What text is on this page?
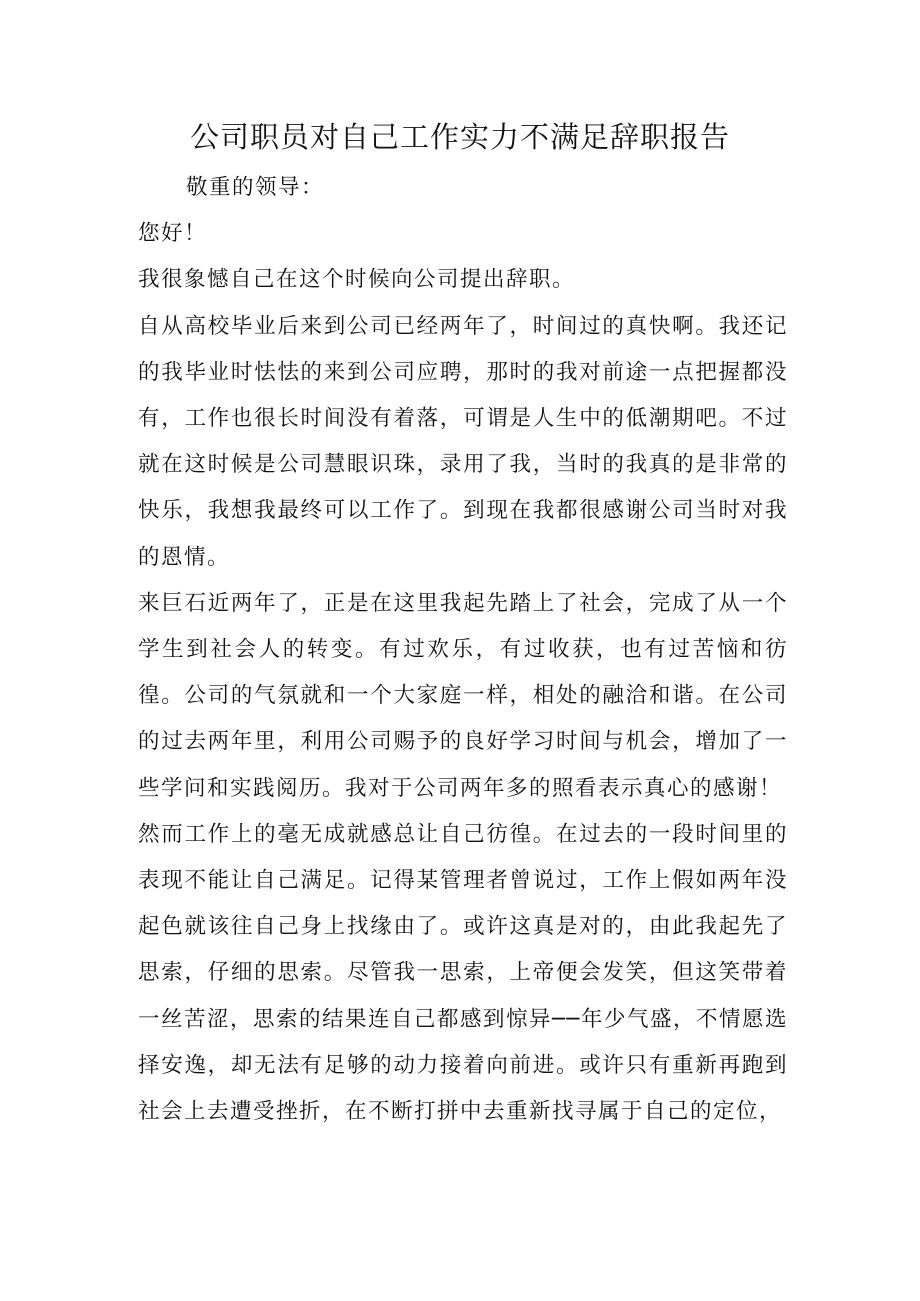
公司职员对自己工作实力不满足辞职报告

敬重的领导：

您好！

我很象憾自己在这个时候向公司提出辞职。

自从高校毕业后来到公司已经两年了，时间过的真快啊。我还记的我毕业时怯怯的来到公司应聘，那时的我对前途一点把握都没有，工作也很长时间没有着落，可谓是人生中的低潮期吧。不过就在这时候是公司慧眼识珠，录用了我，当时的我真的是非常的快乐，我想我最终可以工作了。到现在我都很感谢公司当时对我的恩情。

来巨石近两年了，正是在这里我起先踏上了社会，完成了从一个学生到社会人的转变。有过欢乐，有过收获，也有过苦恼和彷徨。公司的气氛就和一个大家庭一样，相处的融洽和谐。在公司的过去两年里，利用公司赐予的良好学习时间与机会，增加了一些学问和实践阅历。我对于公司两年多的照看表示真心的感谢！

然而工作上的毫无成就感总让自己彷徨。在过去的一段时间里的表现不能让自己满足。记得某管理者曾说过，工作上假如两年没起色就该往自己身上找缘由了。或许这真是对的，由此我起先了思索，仔细的思索。尽管我一思索，上帝便会发笑，但这笑带着一丝苦涩，思索的结果连自己都感到惊异──年少气盛，不情愿选择安逸，却无法有足够的动力接着向前进。或许只有重新再跑到社会上去遭受挫折，在不断打拼中去重新找寻属于自己的定位，
